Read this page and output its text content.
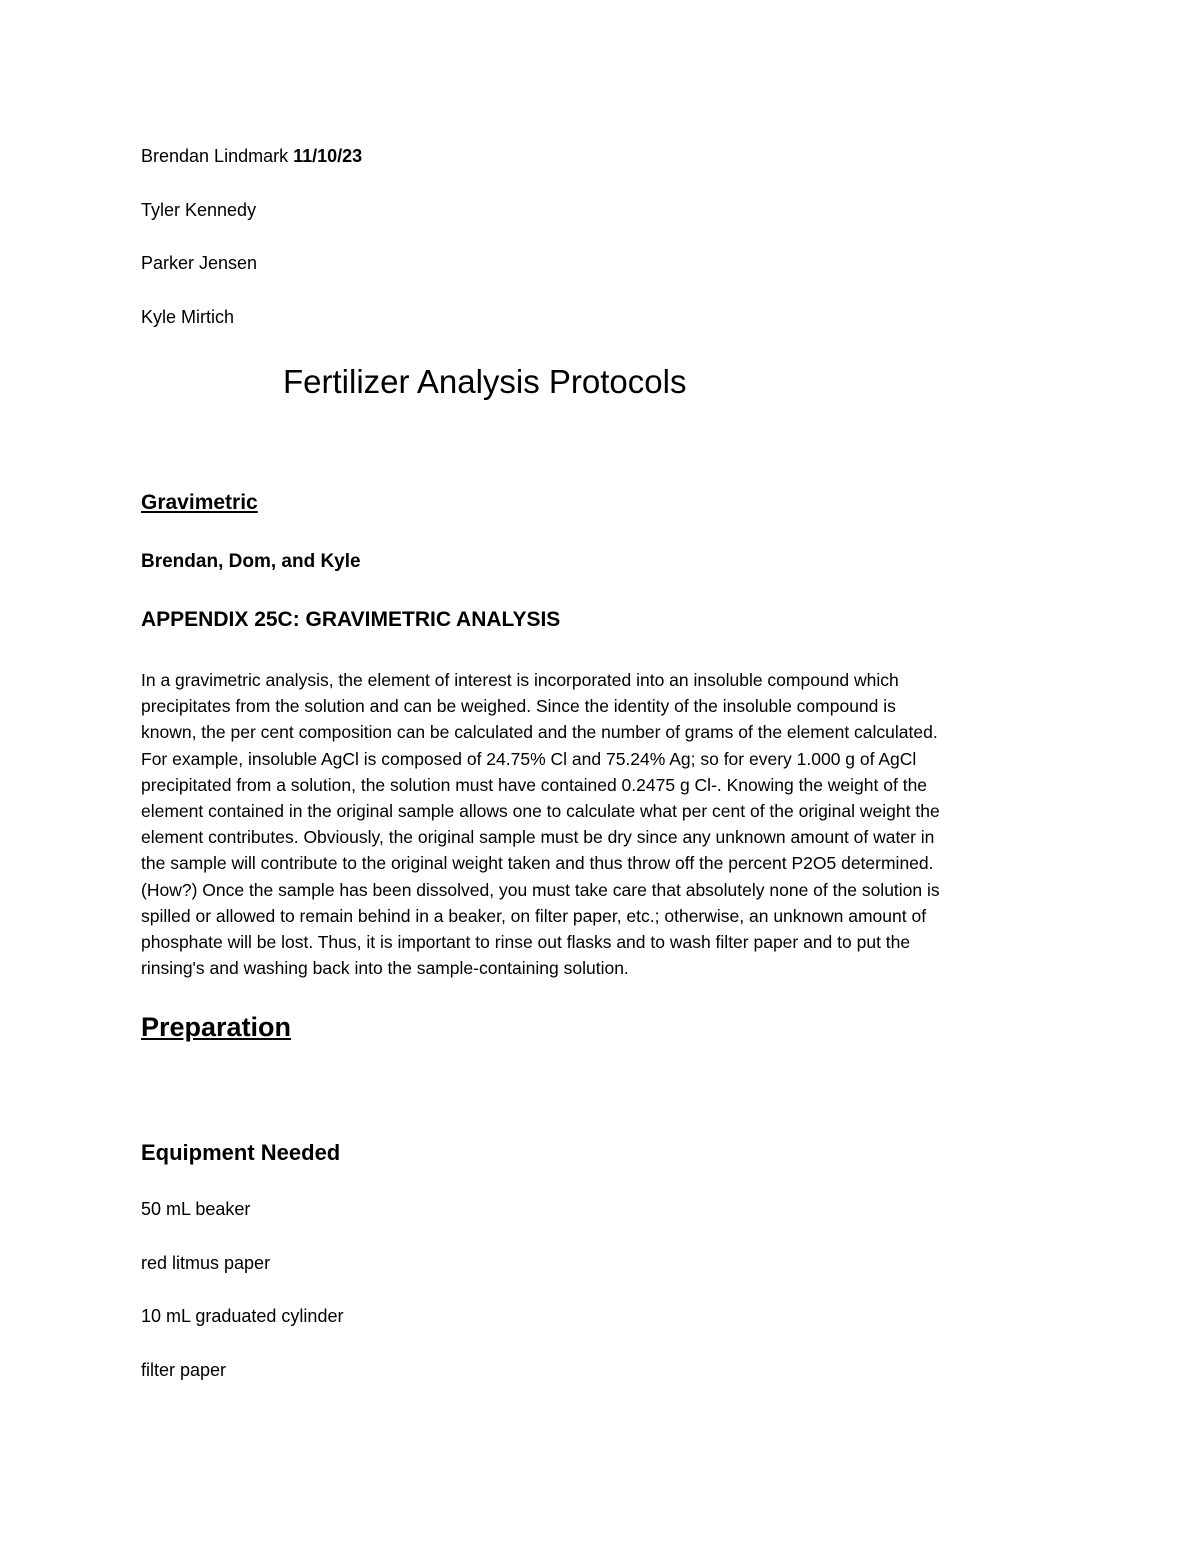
Brendan Lindmark 11/10/23

Tyler Kennedy

Parker Jensen

Kyle Mirtich

Fertilizer Analysis Protocols
Gravimetric

Brendan, Dom, and Kyle

APPENDIX 25C: GRAVIMETRIC ANALYSIS
In a gravimetric analysis, the element of interest is incorporated into an insoluble compound which
precipitates from the solution and can be weighed. Since the identity of the insoluble compound is
known, the per cent composition can be calculated and the number of grams of the element calculated.
For example, insoluble AgCl is composed of 24.75% Cl and 75.24% Ag; so for every 1.000 g of AgCl
precipitated from a solution, the solution must have contained 0.2475 g Cl-. Knowing the weight of the
element contained in the original sample allows one to calculate what per cent of the original weight the
element contributes. Obviously, the original sample must be dry since any unknown amount of water in
the sample will contribute to the original weight taken and thus throw off the percent P2O5 determined.
(How?) Once the sample has been dissolved, you must take care that absolutely none of the solution is
spilled or allowed to remain behind in a beaker, on filter paper, etc.; otherwise, an unknown amount of
phosphate will be lost. Thus, it is important to rinse out flasks and to wash filter paper and to put the
rinsing's and washing back into the sample-containing solution.
Preparation
Equipment Needed

50 mL beaker

red litmus paper

10 mL graduated cylinder

filter paper
